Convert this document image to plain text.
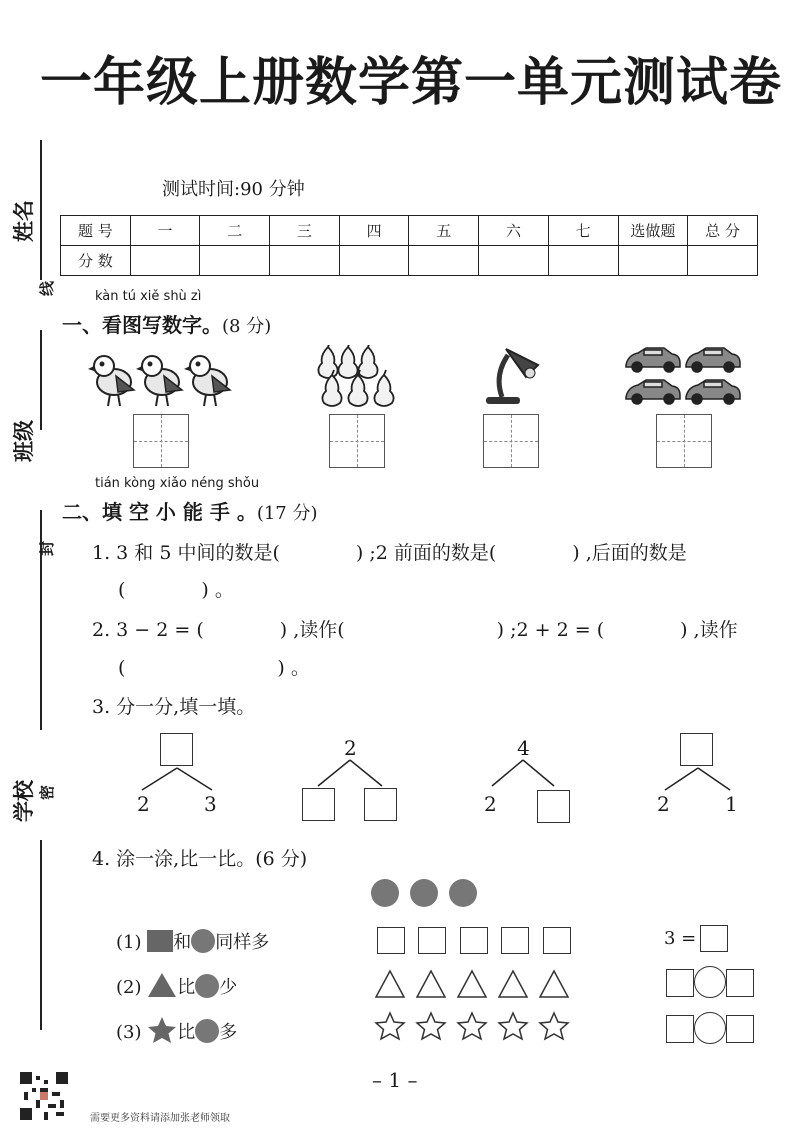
一年级上册数学第一单元测试卷
姓名
班级
学校
线
封
密
测试时间:90 分钟
题 号	一	二	三	四	五	六	七	选做题	总 分
分 数									
kàn tú xiě shù zì
一、看图写数字。(8 分)
tián kòng xiǎo néng shǒu
二、填 空 小 能 手 。(17 分)
1. 3 和 5 中间的数是(　　　　) ;2 前面的数是(　　　　) ,后面的数是
(　　　　) 。
2. 3 − 2 = (　　　　) ,读作(　　　　　　　　) ;2 + 2 = (　　　　) ,读作
(　　　　　　　　) 。
3. 分一分,填一填。
2	3
2	4
2	2	1
4. 涂一涂,比一比。(6 分)
(1) 和 同样多	3 =
(2) 比 少
(3) 比 多
– 1 –
需要更多资料请添加张老师领取
